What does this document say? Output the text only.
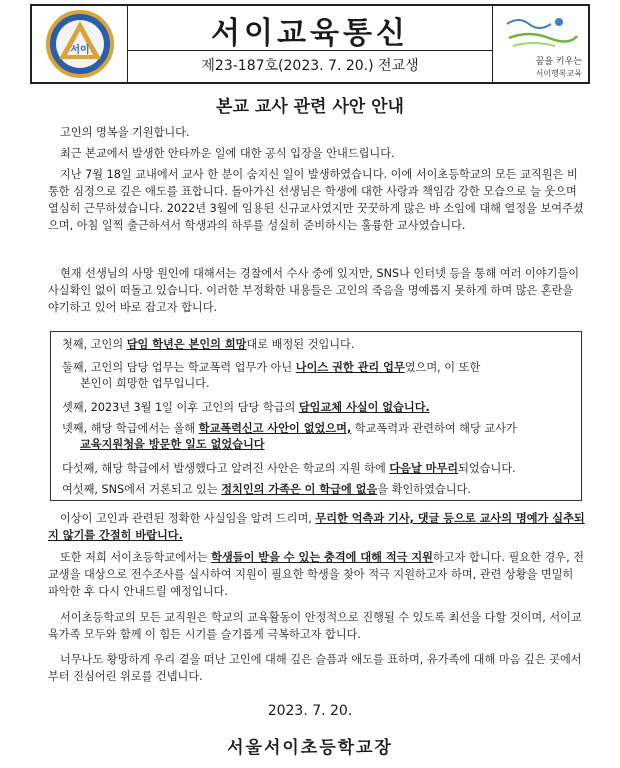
서이	서이교육통신
제23-187호(2023. 7. 20.) 전교생	꿈을 키우는
서이행복교육
본교 교사 관련 사안 안내
고인의 명복을 기원합니다.
최근 본교에서 발생한 안타까운 일에 대한 공식 입장을 안내드립니다.
지난 7월 18일 교내에서 교사 한 분이 숨지신 일이 발생하였습니다. 이에 서이초등학교의 모든 교직원은 비통한 심정으로 깊은 애도를 표합니다. 돌아가신 선생님은 학생에 대한 사랑과 책임감 강한 모습으로 늘 웃으며 열심히 근무하셨습니다. 2022년 3월에 임용된 신규교사였지만 꿋꿋하게 많은 바 소임에 대해 열정을 보여주셨으며, 아침 일찍 출근하셔서 학생과의 하루를 성실히 준비하시는 훌륭한 교사였습니다.
현재 선생님의 사망 원인에 대해서는 경찰에서 수사 중에 있지만, SNS나 인터넷 등을 통해 여러 이야기들이 사실확인 없이 떠돌고 있습니다. 이러한 부정확한 내용들은 고인의 죽음을 명예롭지 못하게 하며 많은 혼란을 야기하고 있어 바로 잡고자 합니다.
첫째, 고인의 담임 학년은 본인의 희망대로 배정된 것입니다.
둘째, 고인의 담당 업무는 학교폭력 업무가 아닌 나이스 권한 관리 업무였으며, 이 또한
본인이 희망한 업무입니다.
셋째, 2023년 3월 1일 이후 고인의 담당 학급의 담임교체 사실이 없습니다.
넷째, 해당 학급에서는 올해 학교폭력신고 사안이 없었으며, 학교폭력과 관련하여 해당 교사가
교육지원청을 방문한 일도 없었습니다
다섯째, 해당 학급에서 발생했다고 알려진 사안은 학교의 지원 하에 다음날 마무리되었습니다.
여섯째, SNS에서 거론되고 있는 정치인의 가족은 이 학급에 없음을 확인하였습니다.
이상이 고인과 관련된 정확한 사실임을 알려 드리며, 무리한 억측과 기사, 댓글 등으로 교사의 명예가 실추되지 않기를 간절히 바랍니다.
또한 저희 서이초등학교에서는 학생들이 받을 수 있는 충격에 대해 적극 지원하고자 합니다. 필요한 경우, 전교생을 대상으로 전수조사를 실시하여 지원이 필요한 학생을 찾아 적극 지원하고자 하며, 관련 상황을 면밀히 파악한 후 다시 안내드릴 예정입니다.
서이초등학교의 모든 교직원은 학교의 교육활동이 안정적으로 진행될 수 있도록 최선을 다할 것이며, 서이교육가족 모두와 함께 이 힘든 시기를 슬기롭게 극복하고자 합니다.
너무나도 황망하게 우리 곁을 떠난 고인에 대해 깊은 슬픔과 애도를 표하며, 유가족에 대해 마음 깊은 곳에서부터 진심어린 위로를 건넵니다.
2023. 7. 20.
서울서이초등학교장
